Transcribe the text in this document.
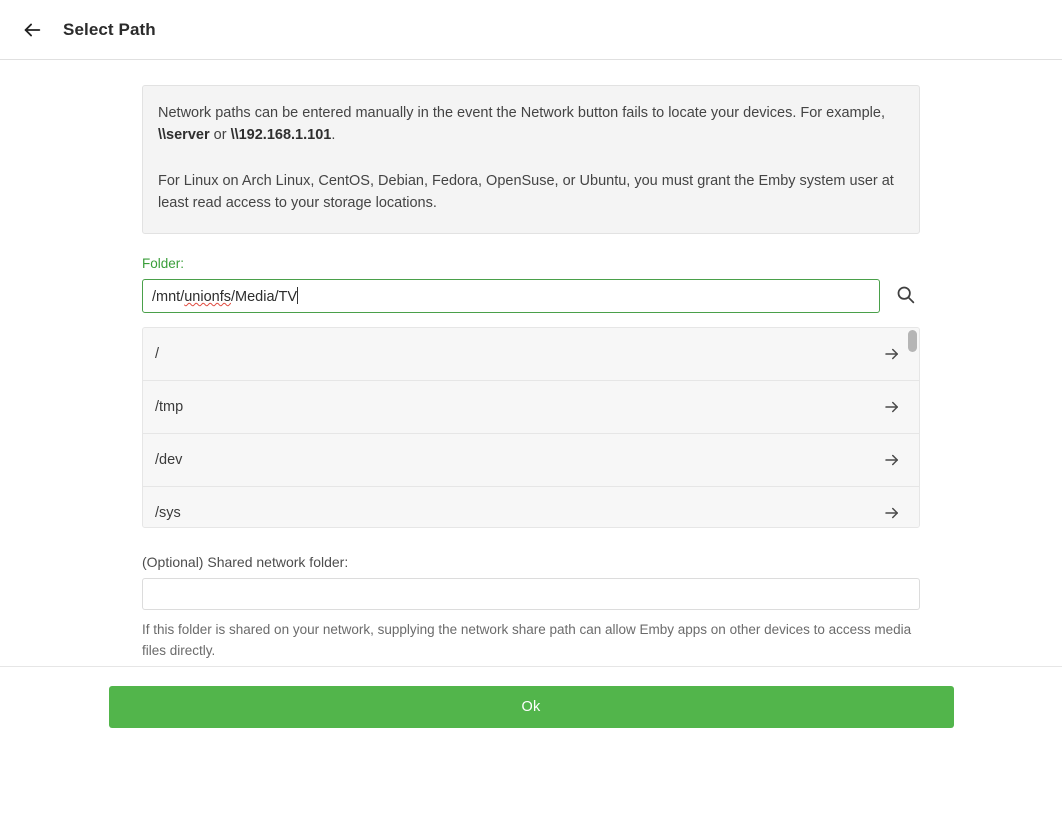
Select Path

Network paths can be entered manually in the event the Network button fails to locate your devices. For example, \\server or \\192.168.1.101.

For Linux on Arch Linux, CentOS, Debian, Fedora, OpenSuse, or Ubuntu, you must grant the Emby system user at least read access to your storage locations.

Folder:
/mnt/unionfs/Media/TV
/
/tmp
/dev
/sys
(Optional) Shared network folder:
If this folder is shared on your network, supplying the network share path can allow Emby apps on other devices to access media files directly.
Ok
